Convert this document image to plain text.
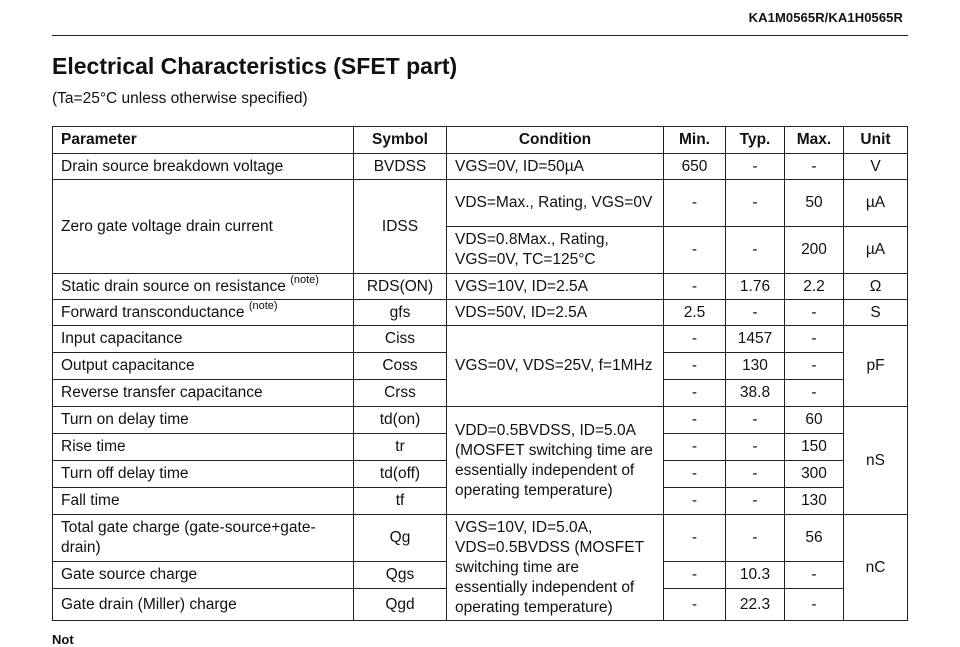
KA1M0565R/KA1H0565R
Electrical Characteristics (SFET part)
(Ta=25°C unless otherwise specified)
Parameter	Symbol	Condition	Min.	Typ.	Max.	Unit
Drain source breakdown voltage	BVDSS	VGS=0V, ID=50µA	650	-	-	V
Zero gate voltage drain current	IDSS	VDS=Max., Rating, VGS=0V	-	-	50	µA
		VDS=0.8Max., Rating, VGS=0V, TC=125°C	-	-	200	µA
Static drain source on resistance $^{(note)}$	RDS(ON)	VGS=10V, ID=2.5A	-	1.76	2.2	Ω
Forward transconductance $^{(note)}$	gfs	VDS=50V, ID=2.5A	2.5	-	-	S
Input capacitance	Ciss	VGS=0V, VDS=25V, f=1MHz	-	1457	-	pF
Output capacitance	Coss		-	130	-	
Reverse transfer capacitance	Crss		-	38.8	-	
Turn on delay time	td(on)	VDD=0.5BVDSS, ID=5.0A (MOSFET switching time are essentially independent of operating temperature)	-	-	60	nS
Rise time	tr		-	-	150	
Turn off delay time	td(off)		-	-	300	
Fall time	tf		-	-	130	
Total gate charge (gate-source+gate-drain)	Qg	VGS=10V, ID=5.0A, VDS=0.5BVDSS (MOSFET switching time are essentially independent of operating temperature)	-	-	56	nC
Gate source charge	Qgs		-	10.3	-	
Gate drain (Miller) charge	Qgd		-	22.3	-	
Not
